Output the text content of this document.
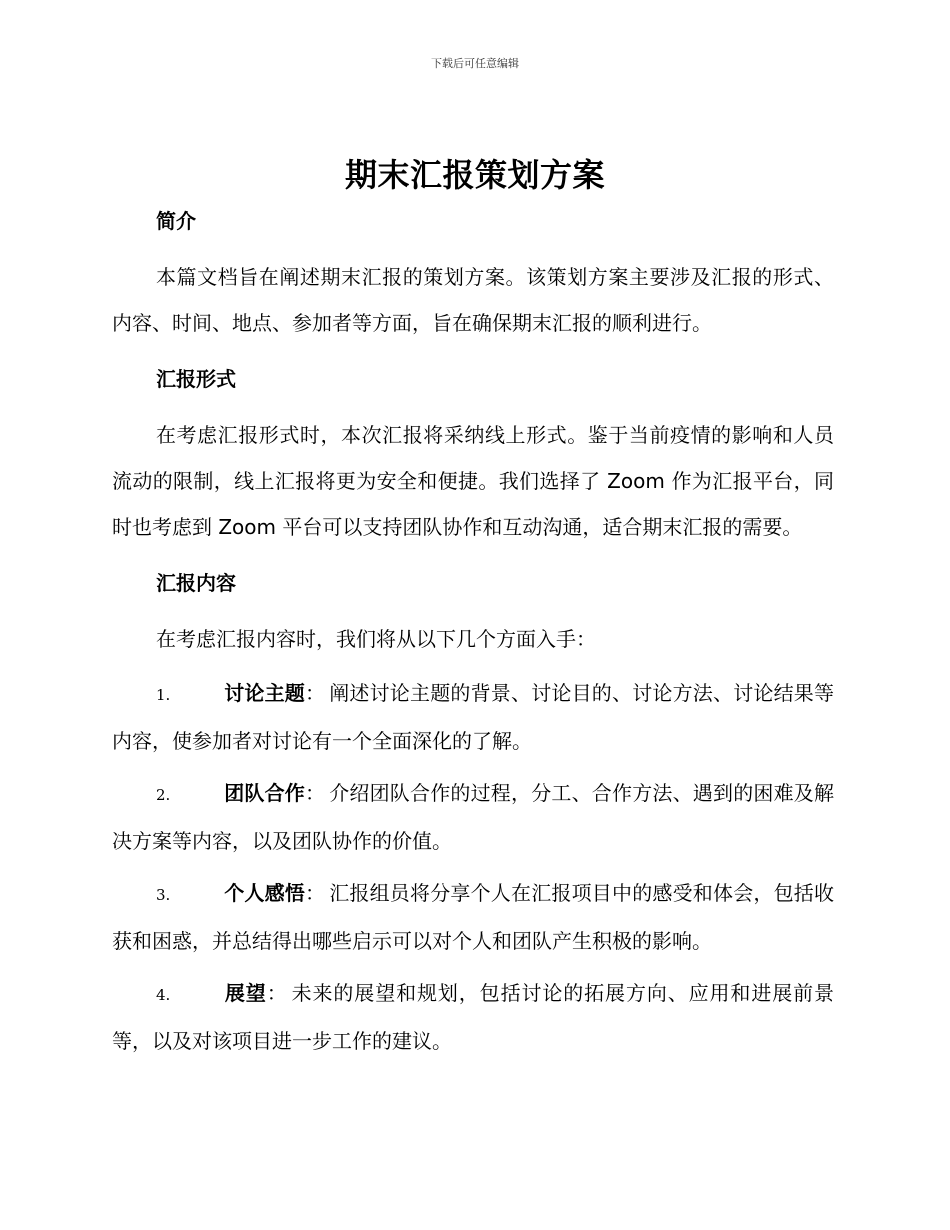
下载后可任意编辑
期末汇报策划方案
简介

本篇文档旨在阐述期末汇报的策划方案。该策划方案主要涉及汇报的形式、内容、时间、地点、参加者等方面，旨在确保期末汇报的顺利进行。

汇报形式

在考虑汇报形式时，本次汇报将采纳线上形式。鉴于当前疫情的影响和人员流动的限制，线上汇报将更为安全和便捷。我们选择了 Zoom 作为汇报平台，同时也考虑到 Zoom 平台可以支持团队协作和互动沟通，适合期末汇报的需要。

汇报内容

在考虑汇报内容时，我们将从以下几个方面入手：

1.	讨论主题： 阐述讨论主题的背景、讨论目的、讨论方法、讨论结果等内容，使参加者对讨论有一个全面深化的了解。

2.	团队合作： 介绍团队合作的过程，分工、合作方法、遇到的困难及解决方案等内容，以及团队协作的价值。

3.	个人感悟： 汇报组员将分享个人在汇报项目中的感受和体会，包括收获和困惑，并总结得出哪些启示可以对个人和团队产生积极的影响。

4.	展望： 未来的展望和规划，包括讨论的拓展方向、应用和进展前景等，以及对该项目进一步工作的建议。
